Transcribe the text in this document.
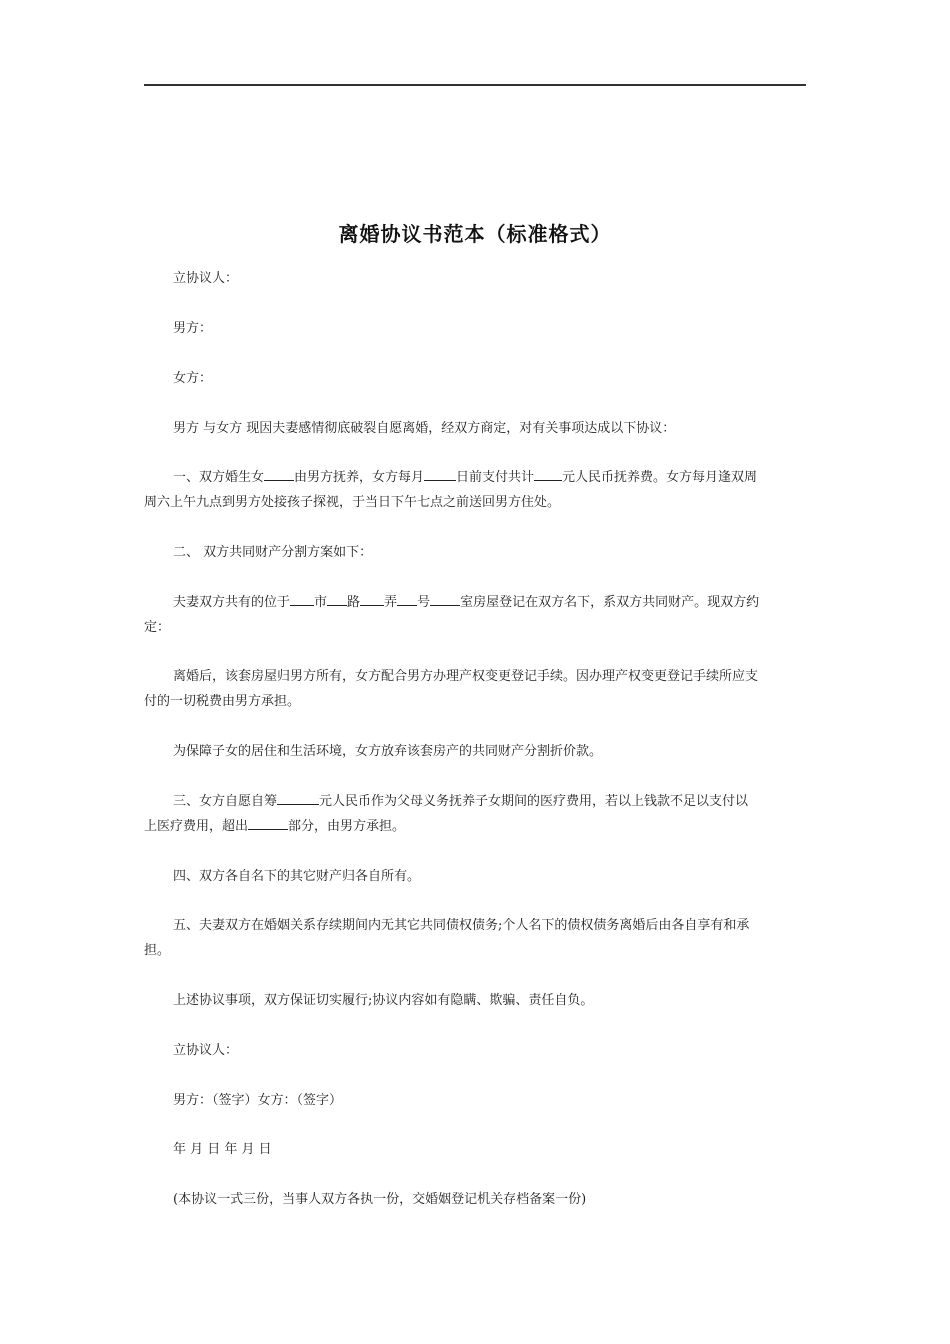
离婚协议书范本（标准格式）
立协议人：
男方：
女方：
男方 与女方 现因夫妻感情彻底破裂自愿离婚，经双方商定，对有关事项达成以下协议：
一、双方婚生女 由男方抚养，女方每月 日前支付共计 元人民币抚养费。女方每月逢双周
周六上午九点到男方处接孩子探视，于当日下午七点之前送回男方住处。
二、 双方共同财产分割方案如下：
夫妻双方共有的位于 市 路 弄 号 室房屋登记在双方名下，系双方共同财产。现双方约
定：
离婚后，该套房屋归男方所有，女方配合男方办理产权变更登记手续。因办理产权变更登记手续所应支
付的一切税费由男方承担。
为保障子女的居住和生活环境，女方放弃该套房产的共同财产分割折价款。
三、女方自愿自筹	元人民币作为父母义务抚养子女期间的医疗费用，若以上钱款不足以支付以
上医疗费用，超出	部分，由男方承担。
四、双方各自名下的其它财产归各自所有。
五、夫妻双方在婚姻关系存续期间内无其它共同债权债务;个人名下的债权债务离婚后由各自享有和承
担。
上述协议事项，双方保证切实履行;协议内容如有隐瞒、欺骗、责任自负。
立协议人：
男方：（签字）女方：（签字）
年 月 日 年 月 日
(本协议一式三份，当事人双方各执一份，交婚姻登记机关存档备案一份)
